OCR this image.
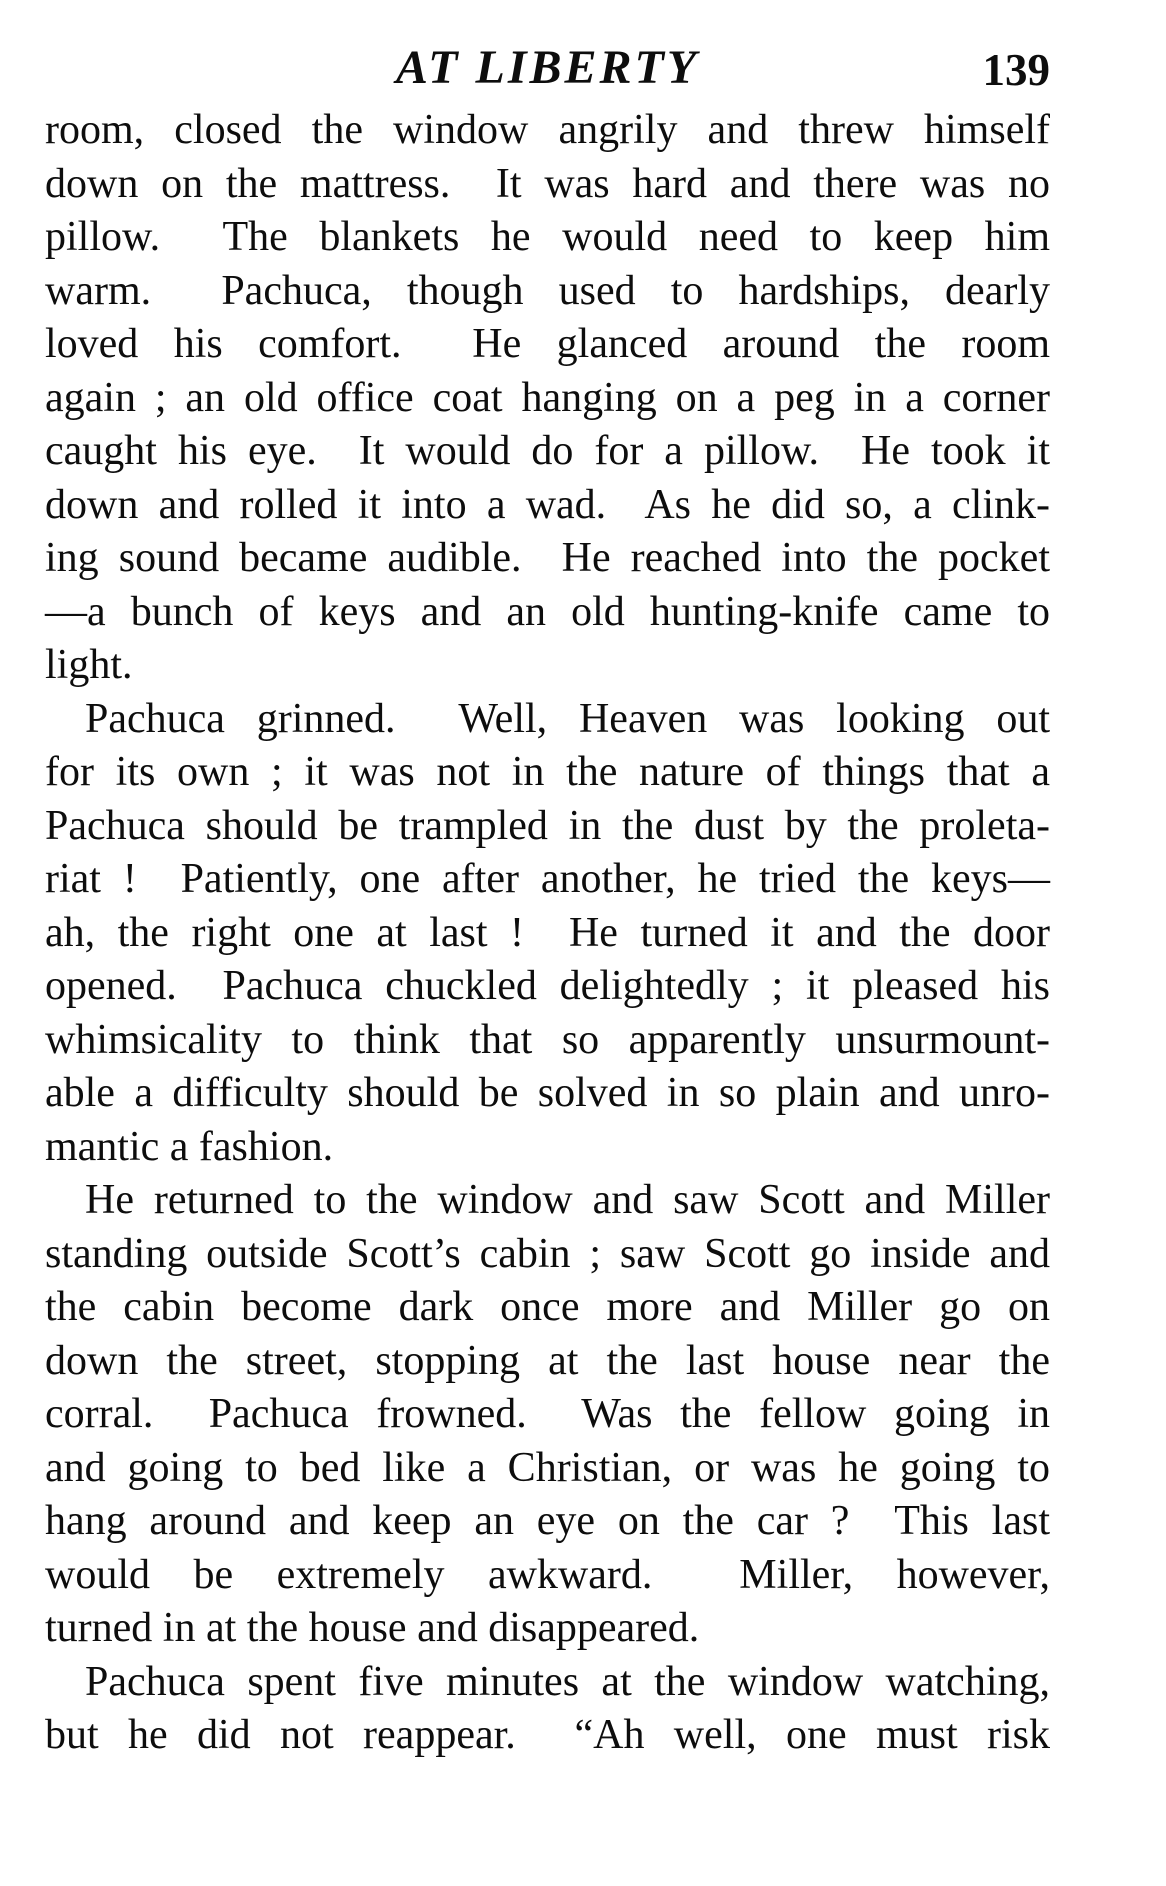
AT LIBERTY	139
room, closed the window angrily and threw himself
down on the mattress.  It was hard and there was no
pillow.  The blankets he would need to keep him
warm.  Pachuca, though used to hardships, dearly
loved his comfort.  He glanced around the room
again ; an old office coat hanging on a peg in a corner
caught his eye.  It would do for a pillow.  He took it
down and rolled it into a wad.  As he did so, a clink-
ing sound became audible.  He reached into the pocket
—a bunch of keys and an old hunting-knife came to
light.
Pachuca grinned.  Well, Heaven was looking out
for its own ; it was not in the nature of things that a
Pachuca should be trampled in the dust by the proleta-
riat !  Patiently, one after another, he tried the keys—
ah, the right one at last !  He turned it and the door
opened.  Pachuca chuckled delightedly ; it pleased his
whimsicality to think that so apparently unsurmount-
able a difficulty should be solved in so plain and unro-
mantic a fashion.
He returned to the window and saw Scott and Miller
standing outside Scott’s cabin ; saw Scott go inside and
the cabin become dark once more and Miller go on
down the street, stopping at the last house near the
corral.  Pachuca frowned.  Was the fellow going in
and going to bed like a Christian, or was he going to
hang around and keep an eye on the car ?  This last
would be extremely awkward.  Miller, however,
turned in at the house and disappeared.
Pachuca spent five minutes at the window watching,
but he did not reappear.  “Ah well, one must risk
